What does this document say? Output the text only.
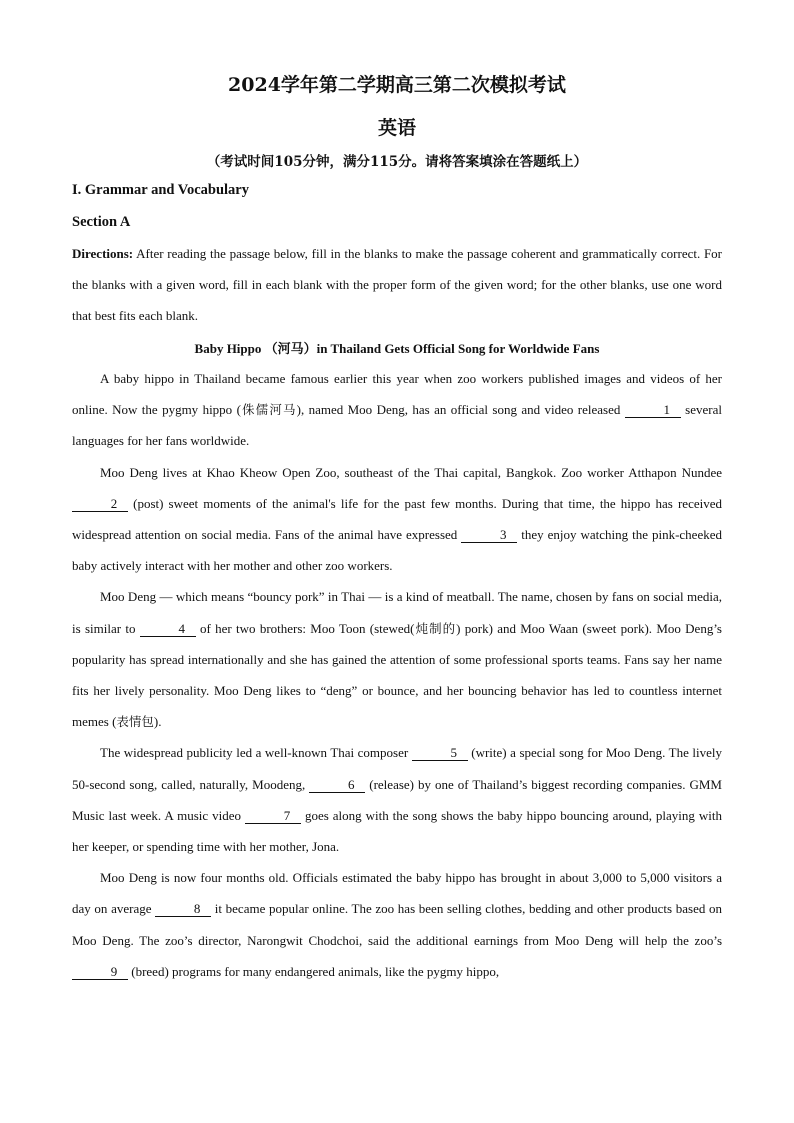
2024学年第二学期高三第二次模拟考试
英语
（考试时间105分钟，满分115分。请将答案填涂在答题纸上）
I. Grammar and Vocabulary
Section A
Directions: After reading the passage below, fill in the blanks to make the passage coherent and grammatically correct. For the blanks with a given word, fill in each blank with the proper form of the given word; for the other blanks, use one word that best fits each blank.
Baby Hippo （河马）in Thailand Gets Official Song for Worldwide Fans

A baby hippo in Thailand became famous earlier this year when zoo workers published images and videos of her online. Now the pygmy hippo (侏儒河马), named Moo Deng, has an official song and video released	1 several languages for her fans worldwide.

Moo Deng lives at Khao Kheow Open Zoo, southeast of the Thai capital, Bangkok. Zoo worker Atthapon Nundee 2 (post) sweet moments of the animal's life for the past few months. During that time, the hippo has received widespread attention on social media. Fans of the animal have expressed	3 they enjoy watching the pink-cheeked baby actively interact with her mother and other zoo workers.

Moo Deng — which means “bouncy pork” in Thai — is a kind of meatball. The name, chosen by fans on social media, is similar to	4 of her two brothers: Moo Toon (stewed(炖制的) pork) and Moo Waan (sweet pork). Moo Deng’s popularity has spread internationally and she has gained the attention of some professional sports teams. Fans say her name fits her lively personality. Moo Deng likes to “deng” or bounce, and her bouncing behavior has led to countless internet memes (表情包).

The widespread publicity led a well-known Thai composer	5 (write) a special song for Moo Deng. The lively 50-second song, called, naturally, Moodeng,	6 (release) by one of Thailand’s biggest recording companies. GMM Music last week. A music video	7 goes along with the song shows the baby hippo bouncing around, playing with her keeper, or spending time with her mother, Jona.

Moo Deng is now four months old. Officials estimated the baby hippo has brought in about 3,000 to 5,000 visitors a day on average	8 it became popular online. The zoo has been selling clothes, bedding and other products based on Moo Deng. The zoo’s director, Narongwit Chodchoi, said the additional earnings from Moo Deng will help the zoo’s 9 (breed) programs for many endangered animals, like the pygmy hippo,
